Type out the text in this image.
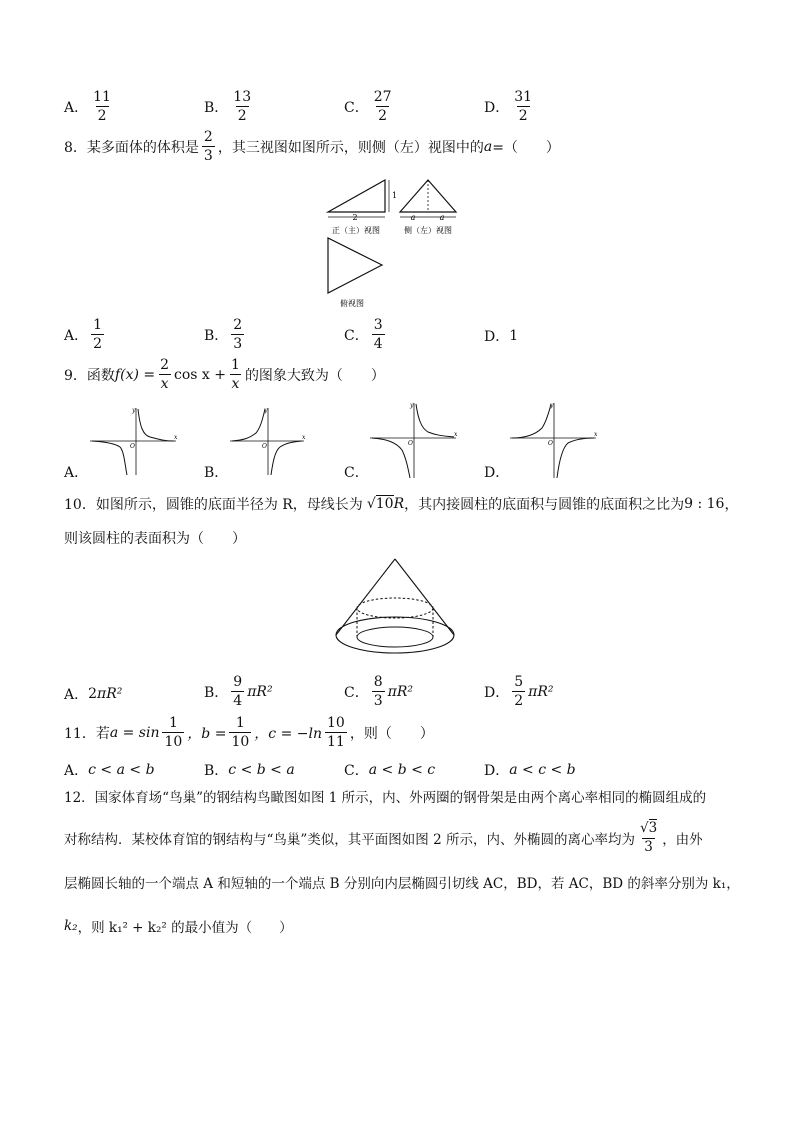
A． $\frac{11}{2}$	B． $\frac{13}{2}$	C． $\frac{27}{2}$	D． $\frac{31}{2}$
8．某多面体的体积是 $\frac{2}{3}$ ，其三视图如图所示，则侧（左）视图中的 a =（　　）
2
1
正（主）视图
a	a
侧（左）视图
俯视图
A． $\frac{1}{2}$	B． $\frac{2}{3}$	C． $\frac{3}{4}$	D． 1
9．函数 $f(x) = \frac{2}{x}$ $\cos x + \frac{1}{x}$ 的图象大致为（　　）
y
x
O
y
x
O
y
x
O
y
x
O
A．	B．	C．	D．
10．如图所示，圆锥的底面半径为 R，母线长为 √10 R ，其内接圆柱的底面积与圆锥的底面积之比为 9 : 16 ，
则该圆柱的表面积为（　　）
A． 2 πR²	B． $\frac{9}{4} \pi R^2$	C． $\frac{8}{3} \pi R^2$	D． $\frac{5}{2} \pi R^2$
11．若 $a = \sin \frac{1}{10}$ ，$b = \frac{1}{10}$ ，$c = -\ln \frac{10}{11}$ ，则（　　）
A． c < a < b	B． c < b < a	C． a < b < c	D． a < c < b
12．国家体育场“鸟巢”的钢结构鸟瞰图如图 1 所示，内、外两圈的钢骨架是由两个离心率相同的椭圆组成的
对称结构．某校体育馆的钢结构与“鸟巢”类似，其平面图如图 2 所示，内、外椭圆的离心率均为 $\frac{√3}{3}$ ，由外
层椭圆长轴的一个端点 A 和短轴的一个端点 B 分别向内层椭圆引切线 AC，BD，若 AC，BD 的斜率分别为 k₁，
k₂ ，则 k₁² + k₂² 的最小值为（　　）
